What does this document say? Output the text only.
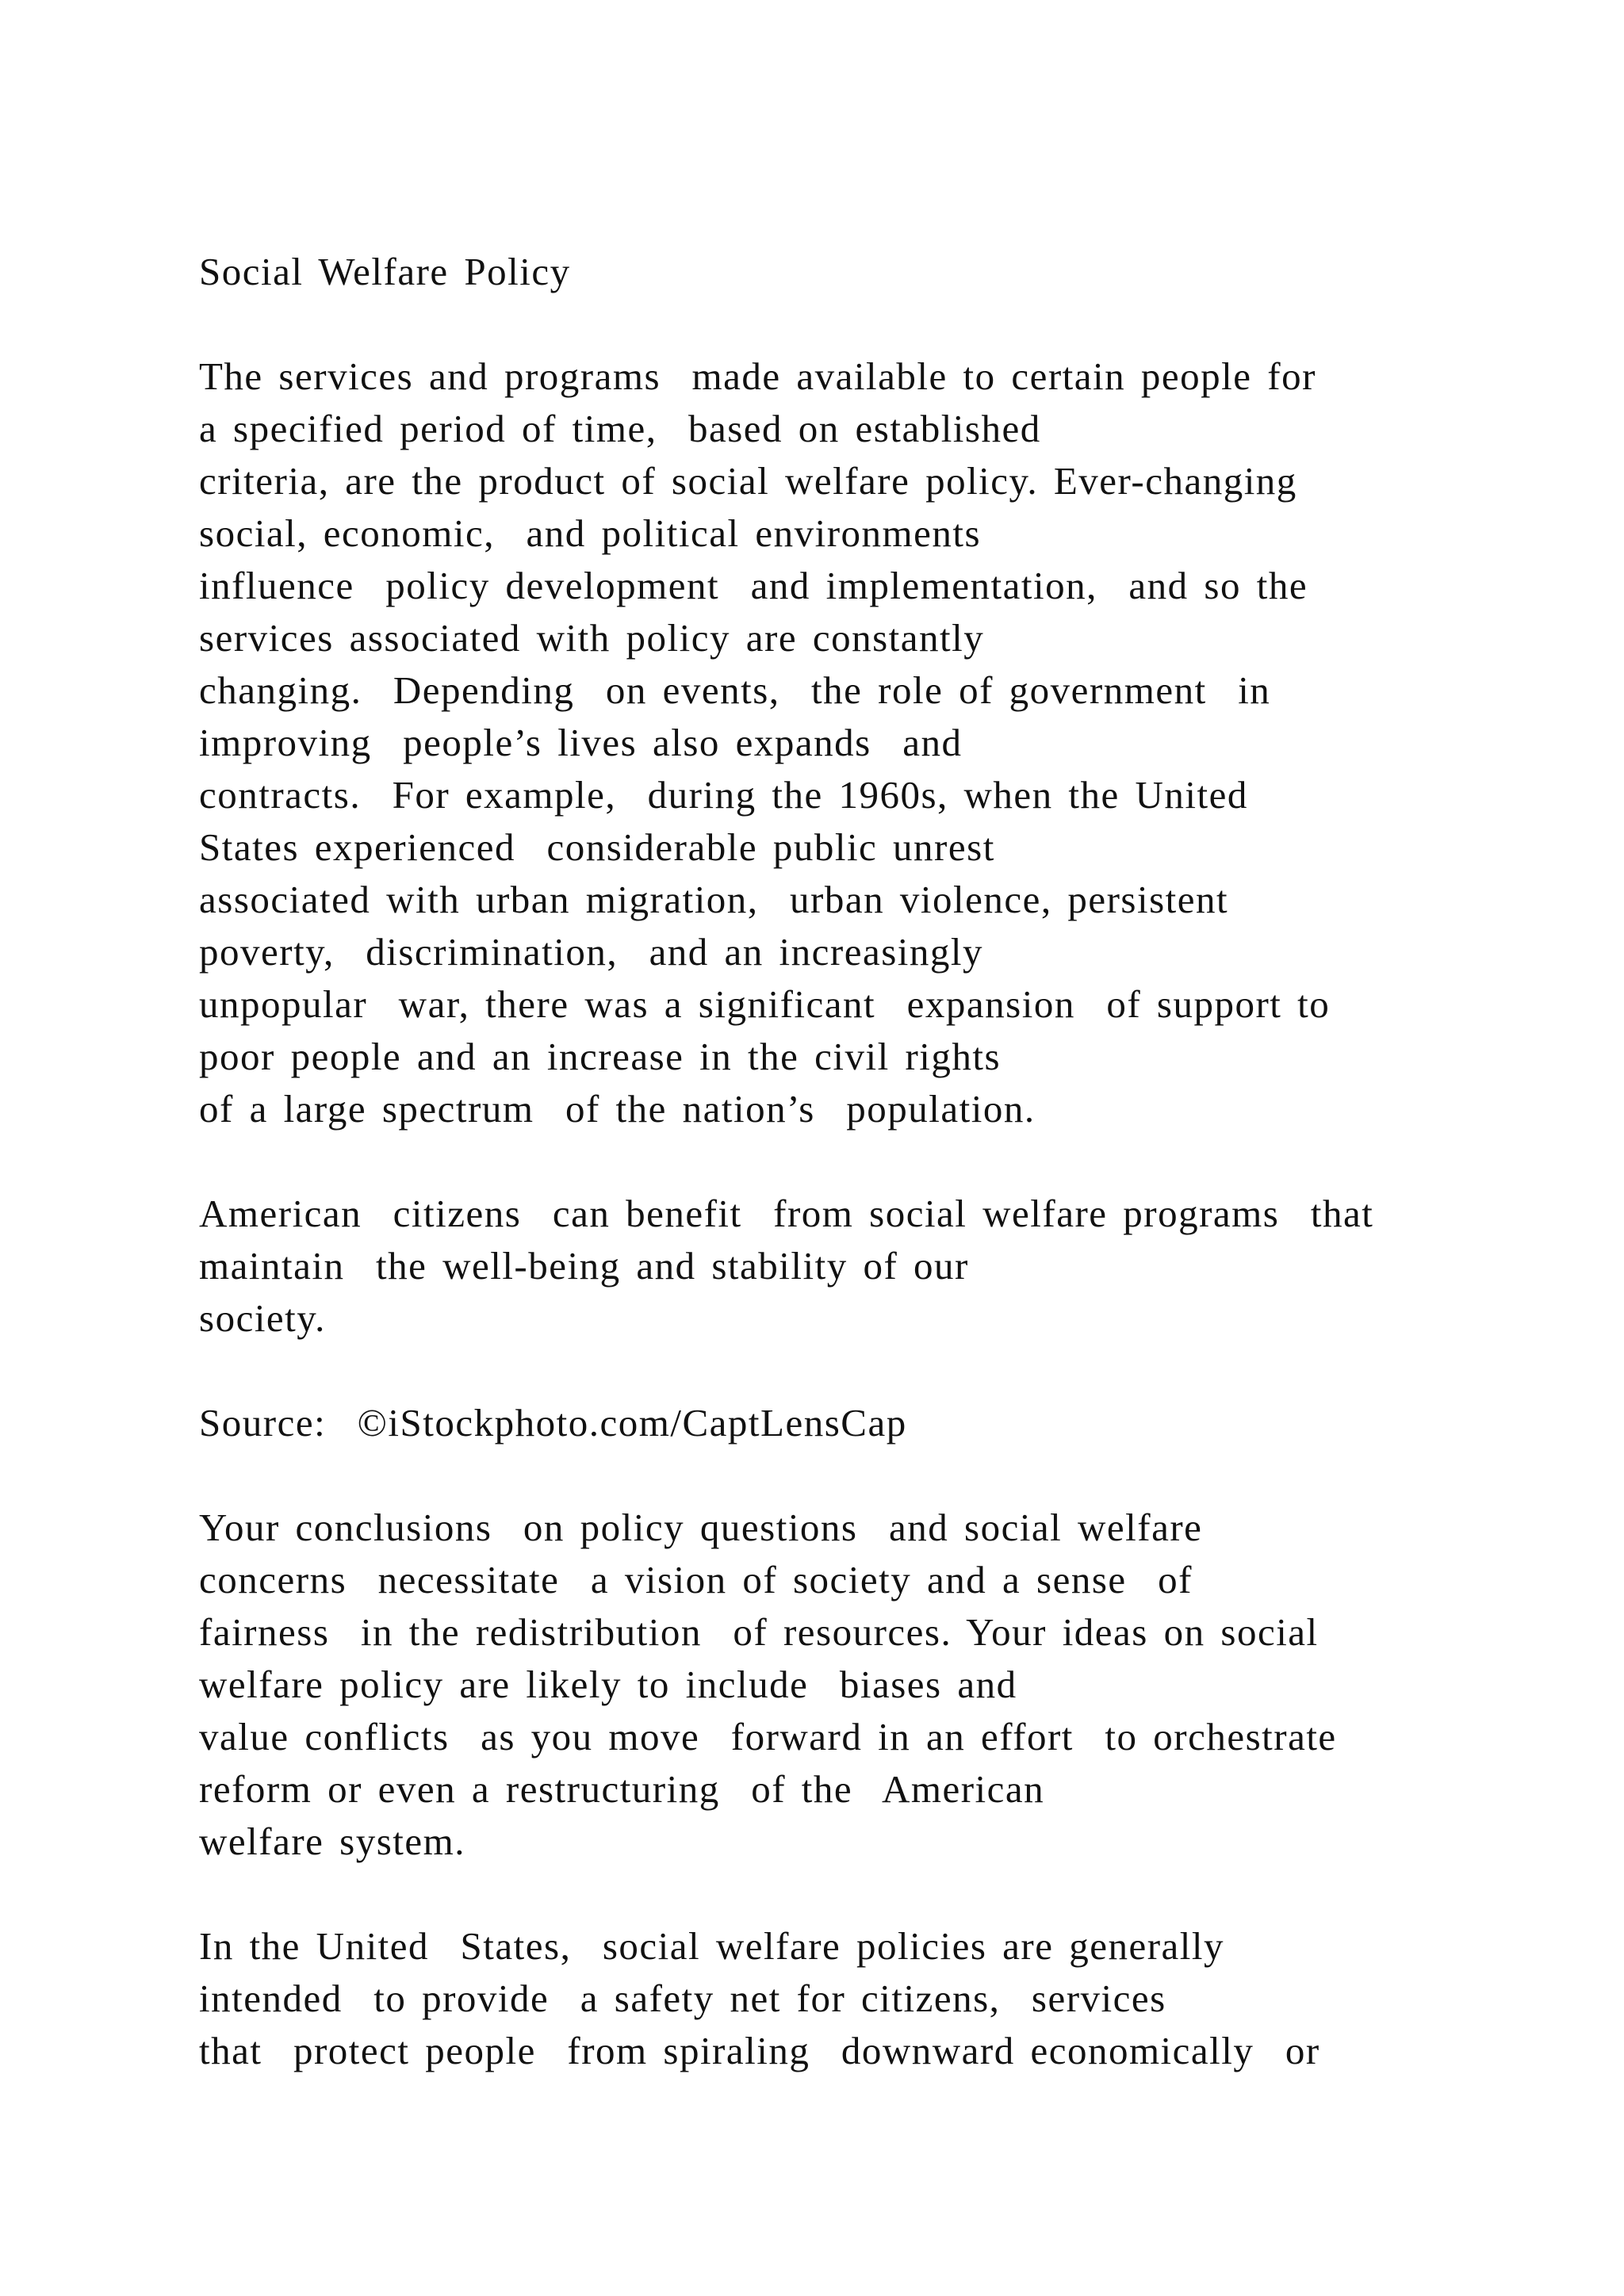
Social Welfare Policy
The services and programs  made available to certain people for
a specified period of time,  based on established
criteria, are the product of social welfare policy. Ever-changing
social, economic,  and political environments
influence  policy development  and implementation,  and so the
services associated with policy are constantly
changing.  Depending  on events,  the role of government  in
improving  people’s lives also expands  and
contracts.  For example,  during the 1960s, when the United
States experienced  considerable public unrest
associated with urban migration,  urban violence, persistent
poverty,  discrimination,  and an increasingly
unpopular  war, there was a significant  expansion  of support to
poor people and an increase in the civil rights
of a large spectrum  of the nation’s  population.
American  citizens  can benefit  from social welfare programs  that
maintain  the well-being and stability of our
society.
Source:  ©iStockphoto.com/CaptLensCap
Your conclusions  on policy questions  and social welfare
concerns  necessitate  a vision of society and a sense  of
fairness  in the redistribution  of resources. Your ideas on social
welfare policy are likely to include  biases and
value conflicts  as you move  forward in an effort  to orchestrate
reform or even a restructuring  of the  American
welfare system.
In the United  States,  social welfare policies are generally
intended  to provide  a safety net for citizens,  services
that  protect people  from spiraling  downward economically  or
